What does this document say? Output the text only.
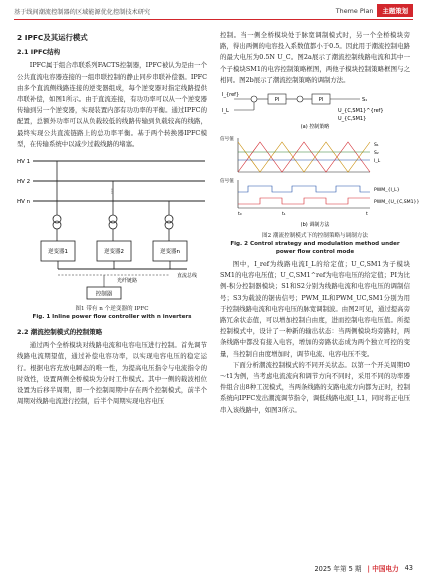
基于线间潮流控制器的区域能源优化控制技术研究	Theme Plan	主题策划
2 IPFC及其运行模式
2.1 IPFC结构

IPFC属于组合串联系列FACTS控制器，IPFC被认为是由一个公共直流电容器连接的一组串联控制的静止同步串联补偿器。IPFC由多个直流侧线路连接的逆变器组成，每个逆变器对指定线路提供串联补偿，如图1所示。由于直流连接，有功功率可以从一个逆变器传输到另一个逆变器，实现装置内部有功功率的平衡。通过IPFC的配置，总额外功率可以从负载较低的线路传输到负载较高的线路，最终实现公共直流链路上的总功率平衡。基于两个转换器IPFC模型，在传输系统中以减少过载线路的堵塞。

HV 1
HV 2
HV n
⋮
逆变器1	逆变器2	逆变器n
直流总线
光纤链路
控制器
图1 带有 n 个逆变器的 IPFC
Fig. 1 Inline power flow controller with n inverters
2.2 潮流控制模式的控制策略

通过两个全桥模块对线路电流和电容电压进行控制。首先调节线路电流期望值，通过补偿电容功率，以实现电容电压的稳定运行。根据电容充放电瞬态的唯一性，为提高电压指令与电流指令的时效性，设置两侧全桥模块为分时工作模式。其中一侧的载波相位设置为后移半周期，即一个控制周期中存在两个控制模式，前半个周期对线路电流进行控制，后半个周期实现电容电压

控制。当一侧全桥模块处于脉宽调制模式时，另一个全桥模块旁路，得出两侧的电容投入系数值都小于0.5。因此用于潮流控制电路的最大电压为0.5N U_C。图2a展示了潮流控制线路电流和其中一个子模块SM1的电容控制策略框图，两他子模块控制策略框图与之相同。图2b展示了潮流控制策略的调制方法。

I_{ref}
PI	PI	S₁
I_L	U_{C,SM1}^{ref}
U_{C,SM1}
(a) 控制策略
信号值
S₁
S₂
I_L
信号值
PWM_{I_L}
PWM_{U_{C,SM1}}
t₀	t₁	t
(b) 调制方法
图2 潮流控制模式下的控制策略与调制方法
Fig. 2 Control strategy and modulation method under power flow control mode

图中，I_ref为线路电流I_L的给定值；U_C,SM1为子模块SM1的电容电压值；U_C,SM1^ref为电容电压的给定值；PI为比例-积分控制器模块；S1和S2分别为线路电流和电容电压的调制信号；S3为载波的锯齿信号；PWM_IL和PWM_UC,SM1分别为用于控制线路电流和电容电压的脉宽调制波。由图2可见，通过提高旁路冗余状态值，可以增加控制自由度，进而控制电容电压值。所提控制模式中，设计了一种新的输出状态：当两侧模块均旁路时，两条线路中都没有接入电容，增加的旁路状态成为两个独立可控的变量，当控制自由度增加时，调节电流、电容电压不变。

下面分析潮流控制模式的不同开关状态。以第一个开关周期t0～t1为例，当考虑电流流向和调节方向不同时，采用不同的功率器件组合出8种工况模式，当两条线路的支路电流方向都为正时，控制系统向IPFC发出潮流调节指令，调低线路电流I_L1，同时将正电压串入该线路中，如图3所示。

2025 年第 5 期 | 中国电力 43
